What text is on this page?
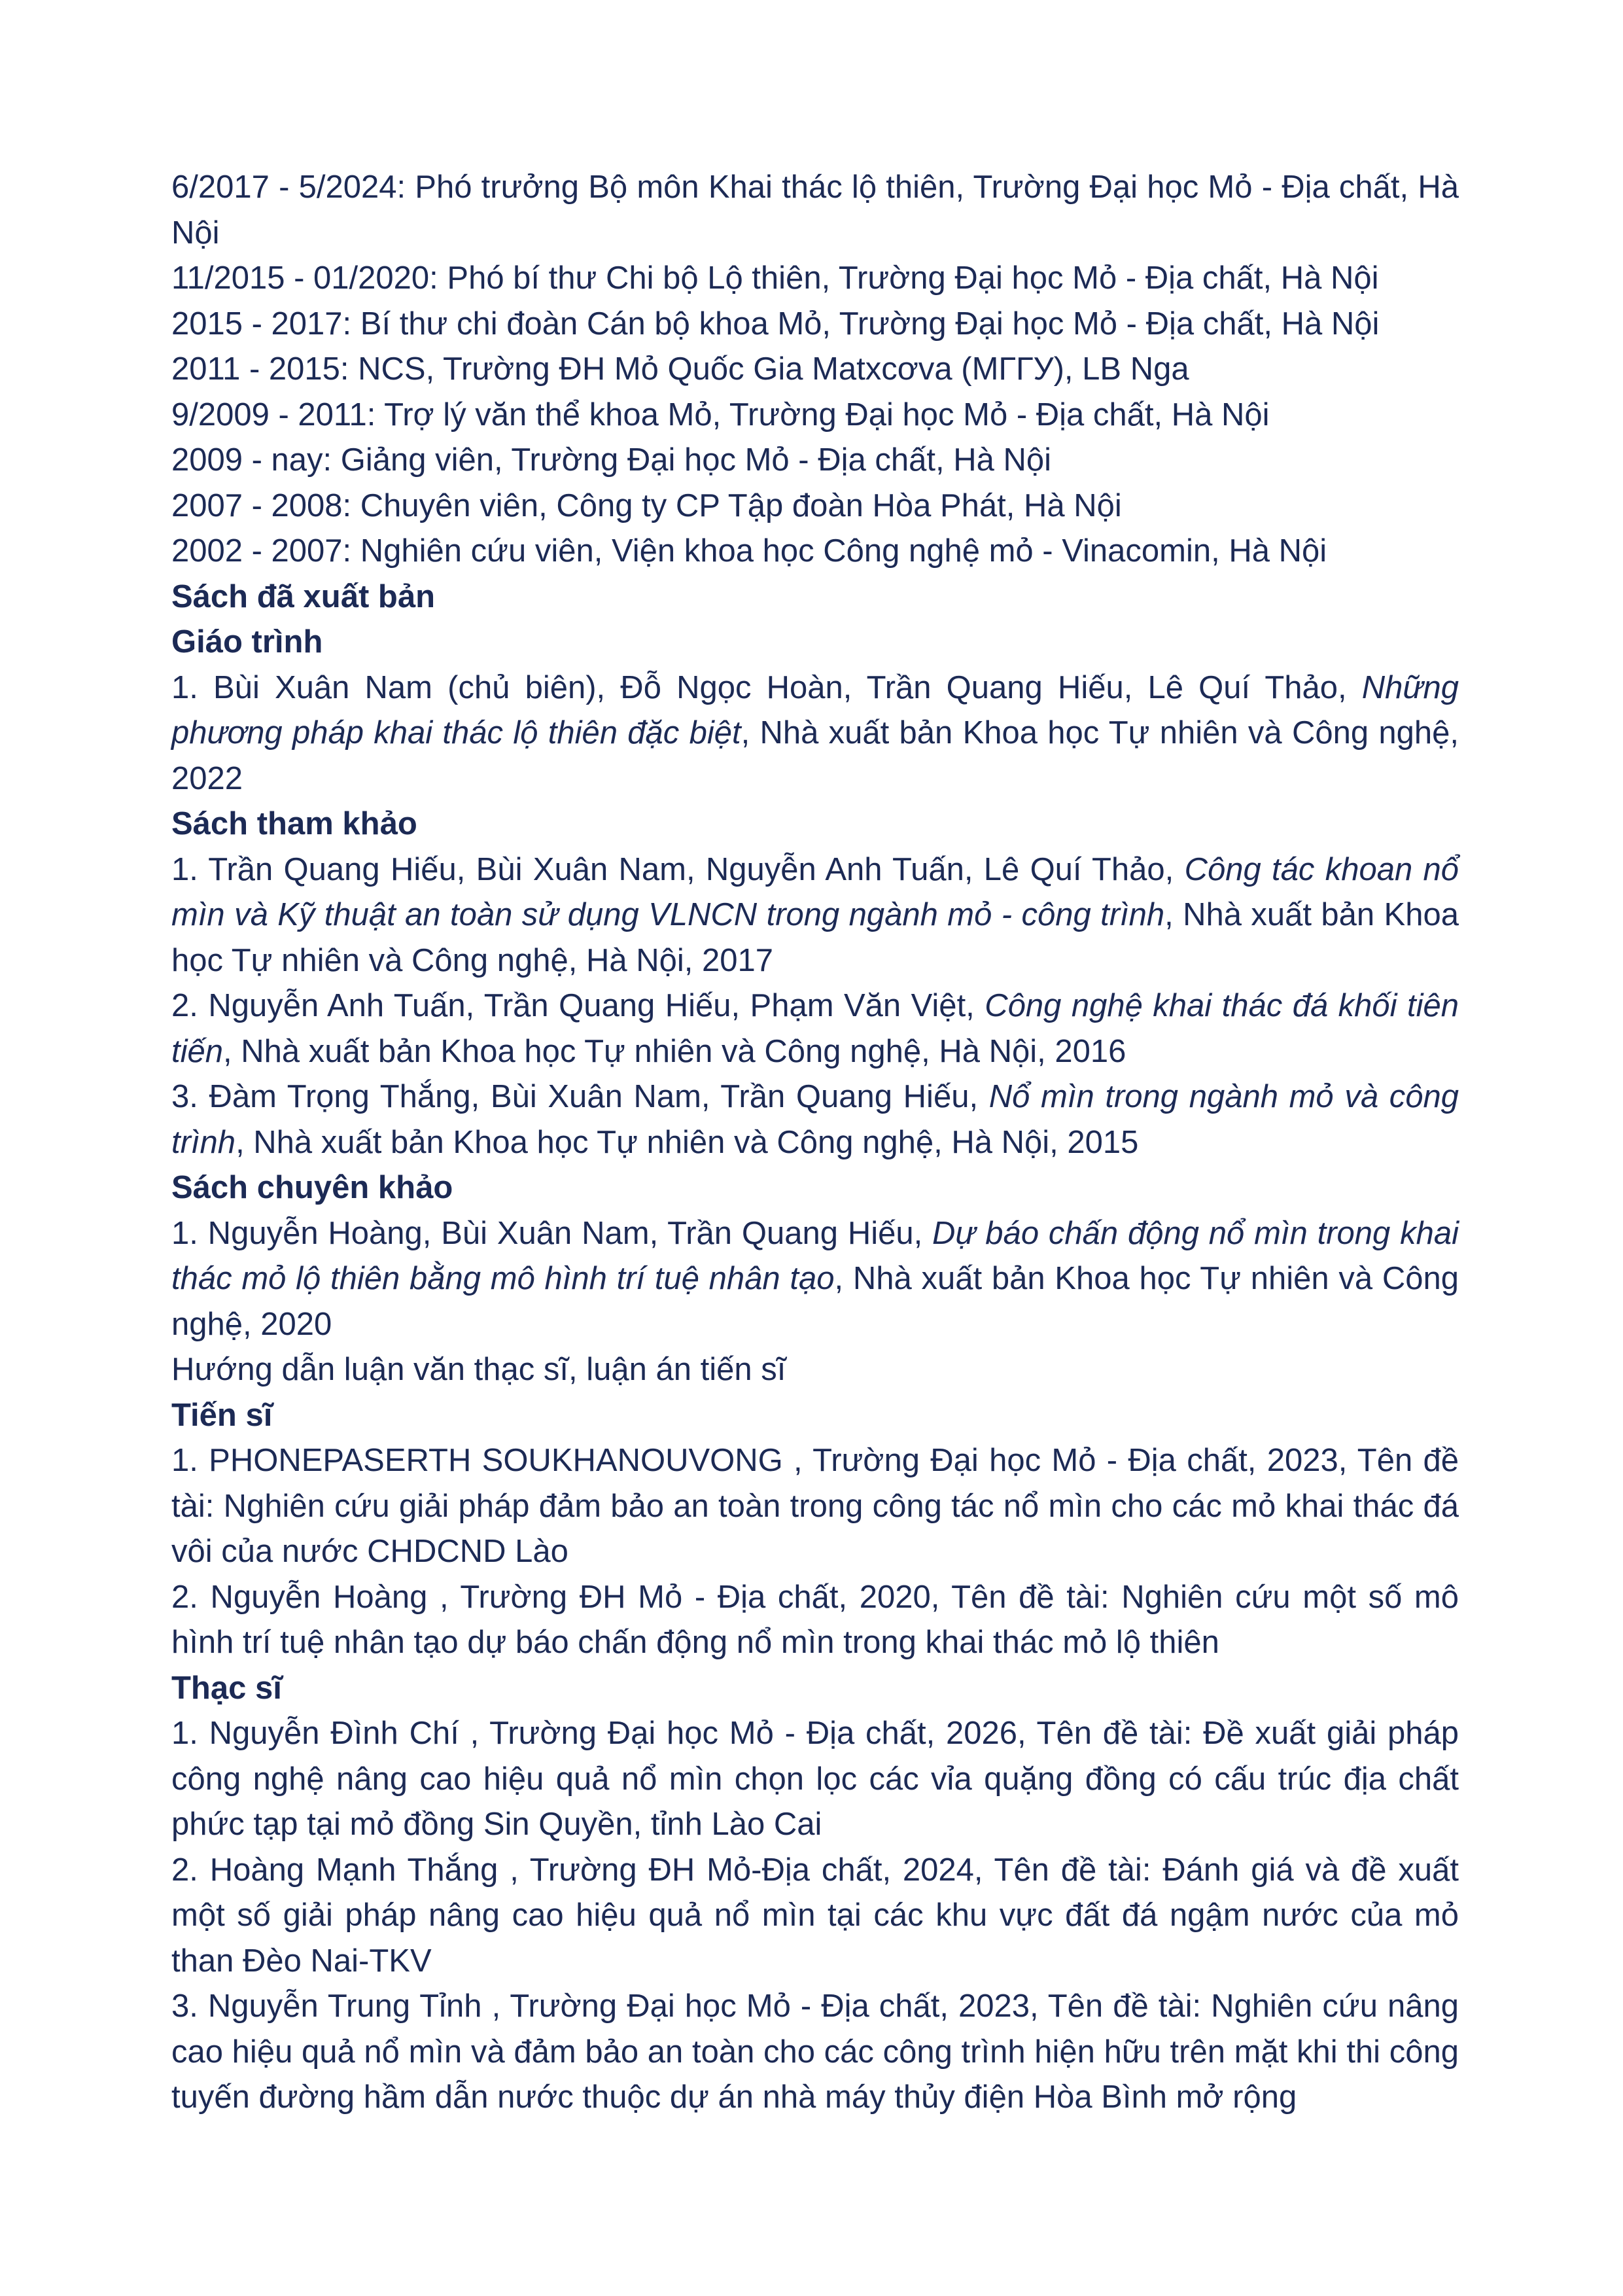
6/2017 - 5/2024: Phó trưởng Bộ môn Khai thác lộ thiên, Trường Đại học Mỏ - Địa chất, Hà Nội

11/2015 - 01/2020: Phó bí thư Chi bộ Lộ thiên, Trường Đại học Mỏ - Địa chất, Hà Nội

2015 - 2017: Bí thư chi đoàn Cán bộ khoa Mỏ, Trường Đại học Mỏ - Địa chất, Hà Nội

2011 - 2015: NCS, Trường ĐH Mỏ Quốc Gia Matxcơva (МГГУ), LB Nga

9/2009 - 2011: Trợ lý văn thể khoa Mỏ, Trường Đại học Mỏ - Địa chất, Hà Nội

2009 - nay: Giảng viên, Trường Đại học Mỏ - Địa chất, Hà Nội

2007 - 2008: Chuyên viên, Công ty CP Tập đoàn Hòa Phát, Hà Nội

2002 - 2007: Nghiên cứu viên, Viện khoa học Công nghệ mỏ - Vinacomin, Hà Nội

Sách đã xuất bản

Giáo trình

1. Bùi Xuân Nam (chủ biên), Đỗ Ngọc Hoàn, Trần Quang Hiếu, Lê Quí Thảo, Những phương pháp khai thác lộ thiên đặc biệt, Nhà xuất bản Khoa học Tự nhiên và Công nghệ, 2022

Sách tham khảo

1. Trần Quang Hiếu, Bùi Xuân Nam, Nguyễn Anh Tuấn, Lê Quí Thảo, Công tác khoan nổ mìn và Kỹ thuật an toàn sử dụng VLNCN trong ngành mỏ - công trình, Nhà xuất bản Khoa học Tự nhiên và Công nghệ, Hà Nội, 2017

2. Nguyễn Anh Tuấn, Trần Quang Hiếu, Phạm Văn Việt, Công nghệ khai thác đá khối tiên tiến, Nhà xuất bản Khoa học Tự nhiên và Công nghệ, Hà Nội, 2016

3. Đàm Trọng Thắng, Bùi Xuân Nam, Trần Quang Hiếu, Nổ mìn trong ngành mỏ và công trình, Nhà xuất bản Khoa học Tự nhiên và Công nghệ, Hà Nội, 2015

Sách chuyên khảo

1. Nguyễn Hoàng, Bùi Xuân Nam, Trần Quang Hiếu, Dự báo chấn động nổ mìn trong khai thác mỏ lộ thiên bằng mô hình trí tuệ nhân tạo, Nhà xuất bản Khoa học Tự nhiên và Công nghệ, 2020

Hướng dẫn luận văn thạc sĩ, luận án tiến sĩ

Tiến sĩ

1. PHONEPASERTH SOUKHANOUVONG , Trường Đại học Mỏ - Địa chất, 2023, Tên đề tài: Nghiên cứu giải pháp đảm bảo an toàn trong công tác nổ mìn cho các mỏ khai thác đá vôi của nước CHDCND Lào

2. Nguyễn Hoàng , Trường ĐH Mỏ - Địa chất, 2020, Tên đề tài: Nghiên cứu một số mô hình trí tuệ nhân tạo dự báo chấn động nổ mìn trong khai thác mỏ lộ thiên

Thạc sĩ

1. Nguyễn Đình Chí , Trường Đại học Mỏ - Địa chất, 2026, Tên đề tài: Đề xuất giải pháp công nghệ nâng cao hiệu quả nổ mìn chọn lọc các vỉa quặng đồng có cấu trúc địa chất phức tạp tại mỏ đồng Sin Quyền, tỉnh Lào Cai

2. Hoàng Mạnh Thắng , Trường ĐH Mỏ-Địa chất, 2024, Tên đề tài: Đánh giá và đề xuất một số giải pháp nâng cao hiệu quả nổ mìn tại các khu vực đất đá ngậm nước của mỏ than Đèo Nai-TKV

3. Nguyễn Trung Tỉnh , Trường Đại học Mỏ - Địa chất, 2023, Tên đề tài: Nghiên cứu nâng cao hiệu quả nổ mìn và đảm bảo an toàn cho các công trình hiện hữu trên mặt khi thi công tuyến đường hầm dẫn nước thuộc dự án nhà máy thủy điện Hòa Bình mở rộng
